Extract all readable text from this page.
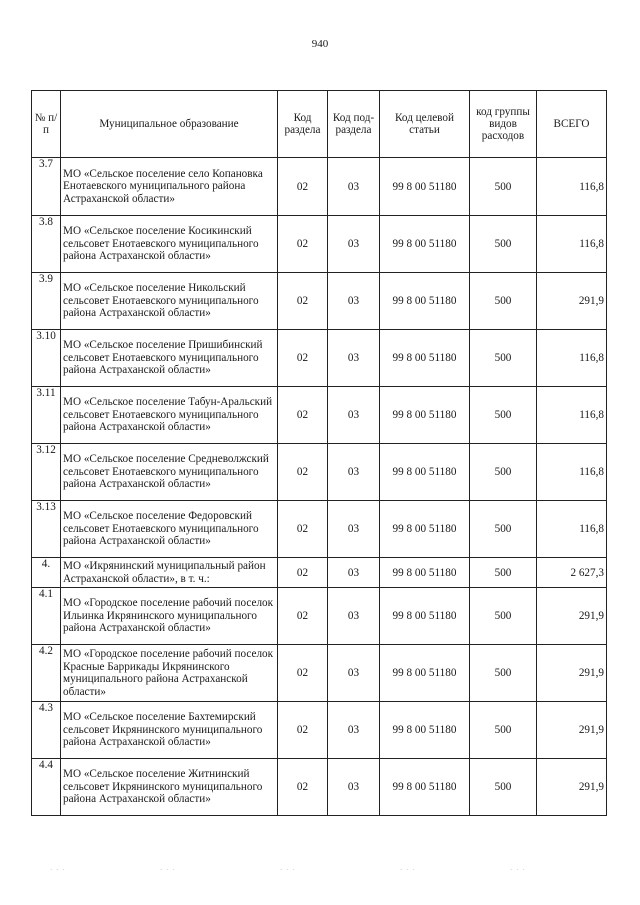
940
№ п/п	Муниципальное образование	Код раздела	Код под-раздела	Код целевой статьи	код группы видов расходов	ВСЕГО
3.7	МО «Сельское поселение село Копановка Енотаевского муниципального района Астраханской области»	02	03	99 8 00 51180	500	116,8
3.8	МО «Сельское поселение Косикинский сельсовет Енотаевского муниципального района Астраханской области»	02	03	99 8 00 51180	500	116,8
3.9	МО «Сельское поселение Никольский сельсовет Енотаевского муниципального района Астраханской области»	02	03	99 8 00 51180	500	291,9
3.10	МО «Сельское поселение Пришибинский сельсовет Енотаевского муниципального района Астраханской области»	02	03	99 8 00 51180	500	116,8
3.11	МО «Сельское поселение Табун-Аральский сельсовет Енотаевского муниципального района Астраханской области»	02	03	99 8 00 51180	500	116,8
3.12	МО «Сельское поселение Средневолжский сельсовет Енотаевского муниципального района Астраханской области»	02	03	99 8 00 51180	500	116,8
3.13	МО «Сельское поселение Федоровский сельсовет Енотаевского муниципального района Астраханской области»	02	03	99 8 00 51180	500	116,8
4.	МО «Икрянинский муниципальный район Астраханской области», в т. ч.:	02	03	99 8 00 51180	500	2 627,3
4.1	МО «Городское поселение рабочий поселок Ильинка Икрянинского муниципального района Астраханской области»	02	03	99 8 00 51180	500	291,9
4.2	МО «Городское поселение рабочий поселок Красные Баррикады Икрянинского муниципального района Астраханской области»	02	03	99 8 00 51180	500	291,9
4.3	МО «Сельское поселение Бахтемирский сельсовет Икрянинского муниципального района Астраханской области»	02	03	99 8 00 51180	500	291,9
4.4	МО «Сельское поселение Житнинский сельсовет Икрянинского муниципального района Астраханской области»	02	03	99 8 00 51180	500	291,9
· · ·	· · ·	· · ·	· · ·	· · ·
